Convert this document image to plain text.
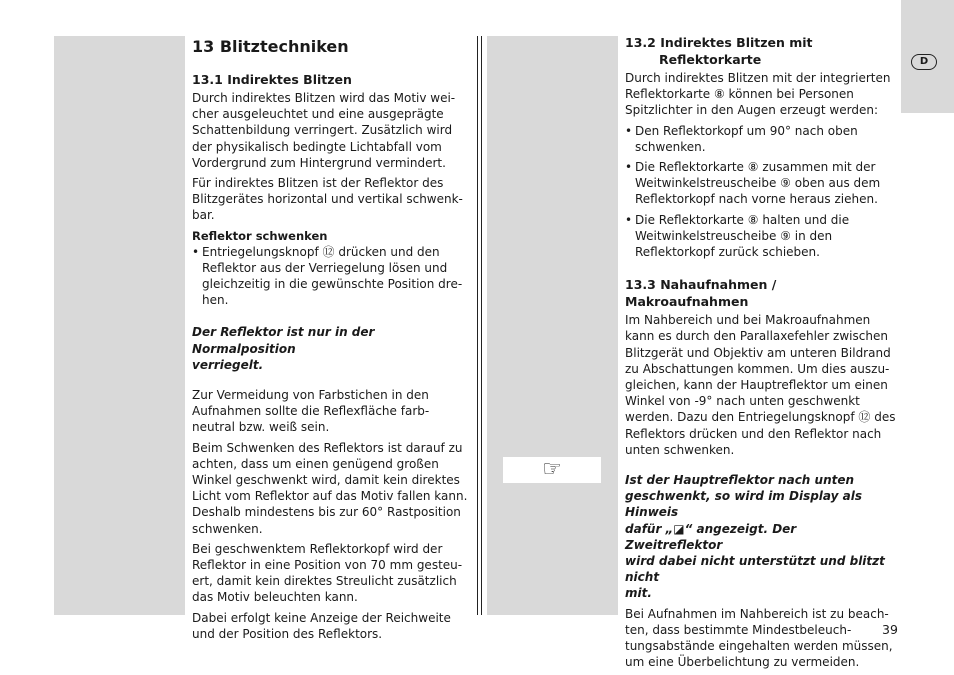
D
☞
13 Blitztechniken
13.1 Indirektes Blitzen

Durch indirektes Blitzen wird das Motiv wei-
cher ausgeleuchtet und eine ausgeprägte
Schattenbildung verringert. Zusätzlich wird
der physikalisch bedingte Lichtabfall vom
Vordergrund zum Hintergrund vermindert.

Für indirektes Blitzen ist der Reflektor des
Blitzgerätes horizontal und vertikal schwenk-
bar.

Reflektor schwenken
• Entriegelungsknopf ⑫ drücken und den
Reflektor aus der Verriegelung lösen und
gleichzeitig in die gewünschte Position dre-
hen.

Der Reflektor ist nur in der Normalposition
verriegelt.

Zur Vermeidung von Farbstichen in den
Aufnahmen sollte die Reflexfläche farb-
neutral bzw. weiß sein.

Beim Schwenken des Reflektors ist darauf zu
achten, dass um einen genügend großen
Winkel geschwenkt wird, damit kein direktes
Licht vom Reflektor auf das Motiv fallen kann.
Deshalb mindestens bis zur 60° Rastposition
schwenken.

Bei geschwenktem Reflektorkopf wird der
Reflektor in eine Position von 70 mm gesteu-
ert, damit kein direktes Streulicht zusätzlich
das Motiv beleuchten kann.

Dabei erfolgt keine Anzeige der Reichweite
und der Position des Reflektors.

13.2 Indirektes Blitzen mit
Reflektorkarte

Durch indirektes Blitzen mit der integrierten
Reflektorkarte ⑧ können bei Personen
Spitzlichter in den Augen erzeugt werden:

• Den Reflektorkopf um 90° nach oben
schwenken.
• Die Reflektorkarte ⑧ zusammen mit der
Weitwinkelstreuscheibe ⑨ oben aus dem
Reflektorkopf nach vorne heraus ziehen.
• Die Reflektorkarte ⑧ halten und die
Weitwinkelstreuscheibe ⑨ in den
Reflektorkopf zurück schieben.
13.3 Nahaufnahmen / Makroaufnahmen

Im Nahbereich und bei Makroaufnahmen
kann es durch den Parallaxefehler zwischen
Blitzgerät und Objektiv am unteren Bildrand
zu Abschattungen kommen. Um dies auszu-
gleichen, kann der Hauptreflektor um einen
Winkel von -9° nach unten geschwenkt
werden. Dazu den Entriegelungsknopf ⑫ des
Reflektors drücken und den Reflektor nach
unten schwenken.

Ist der Hauptreflektor nach unten
geschwenkt, so wird im Display als Hinweis
dafür „◪“ angezeigt. Der Zweitreflektor
wird dabei nicht unterstützt und blitzt nicht
mit.

Bei Aufnahmen im Nahbereich ist zu beach-
ten, dass bestimmte Mindestbeleuch-
tungsabstände eingehalten werden müssen,
um eine Überbelichtung zu vermeiden.

39
